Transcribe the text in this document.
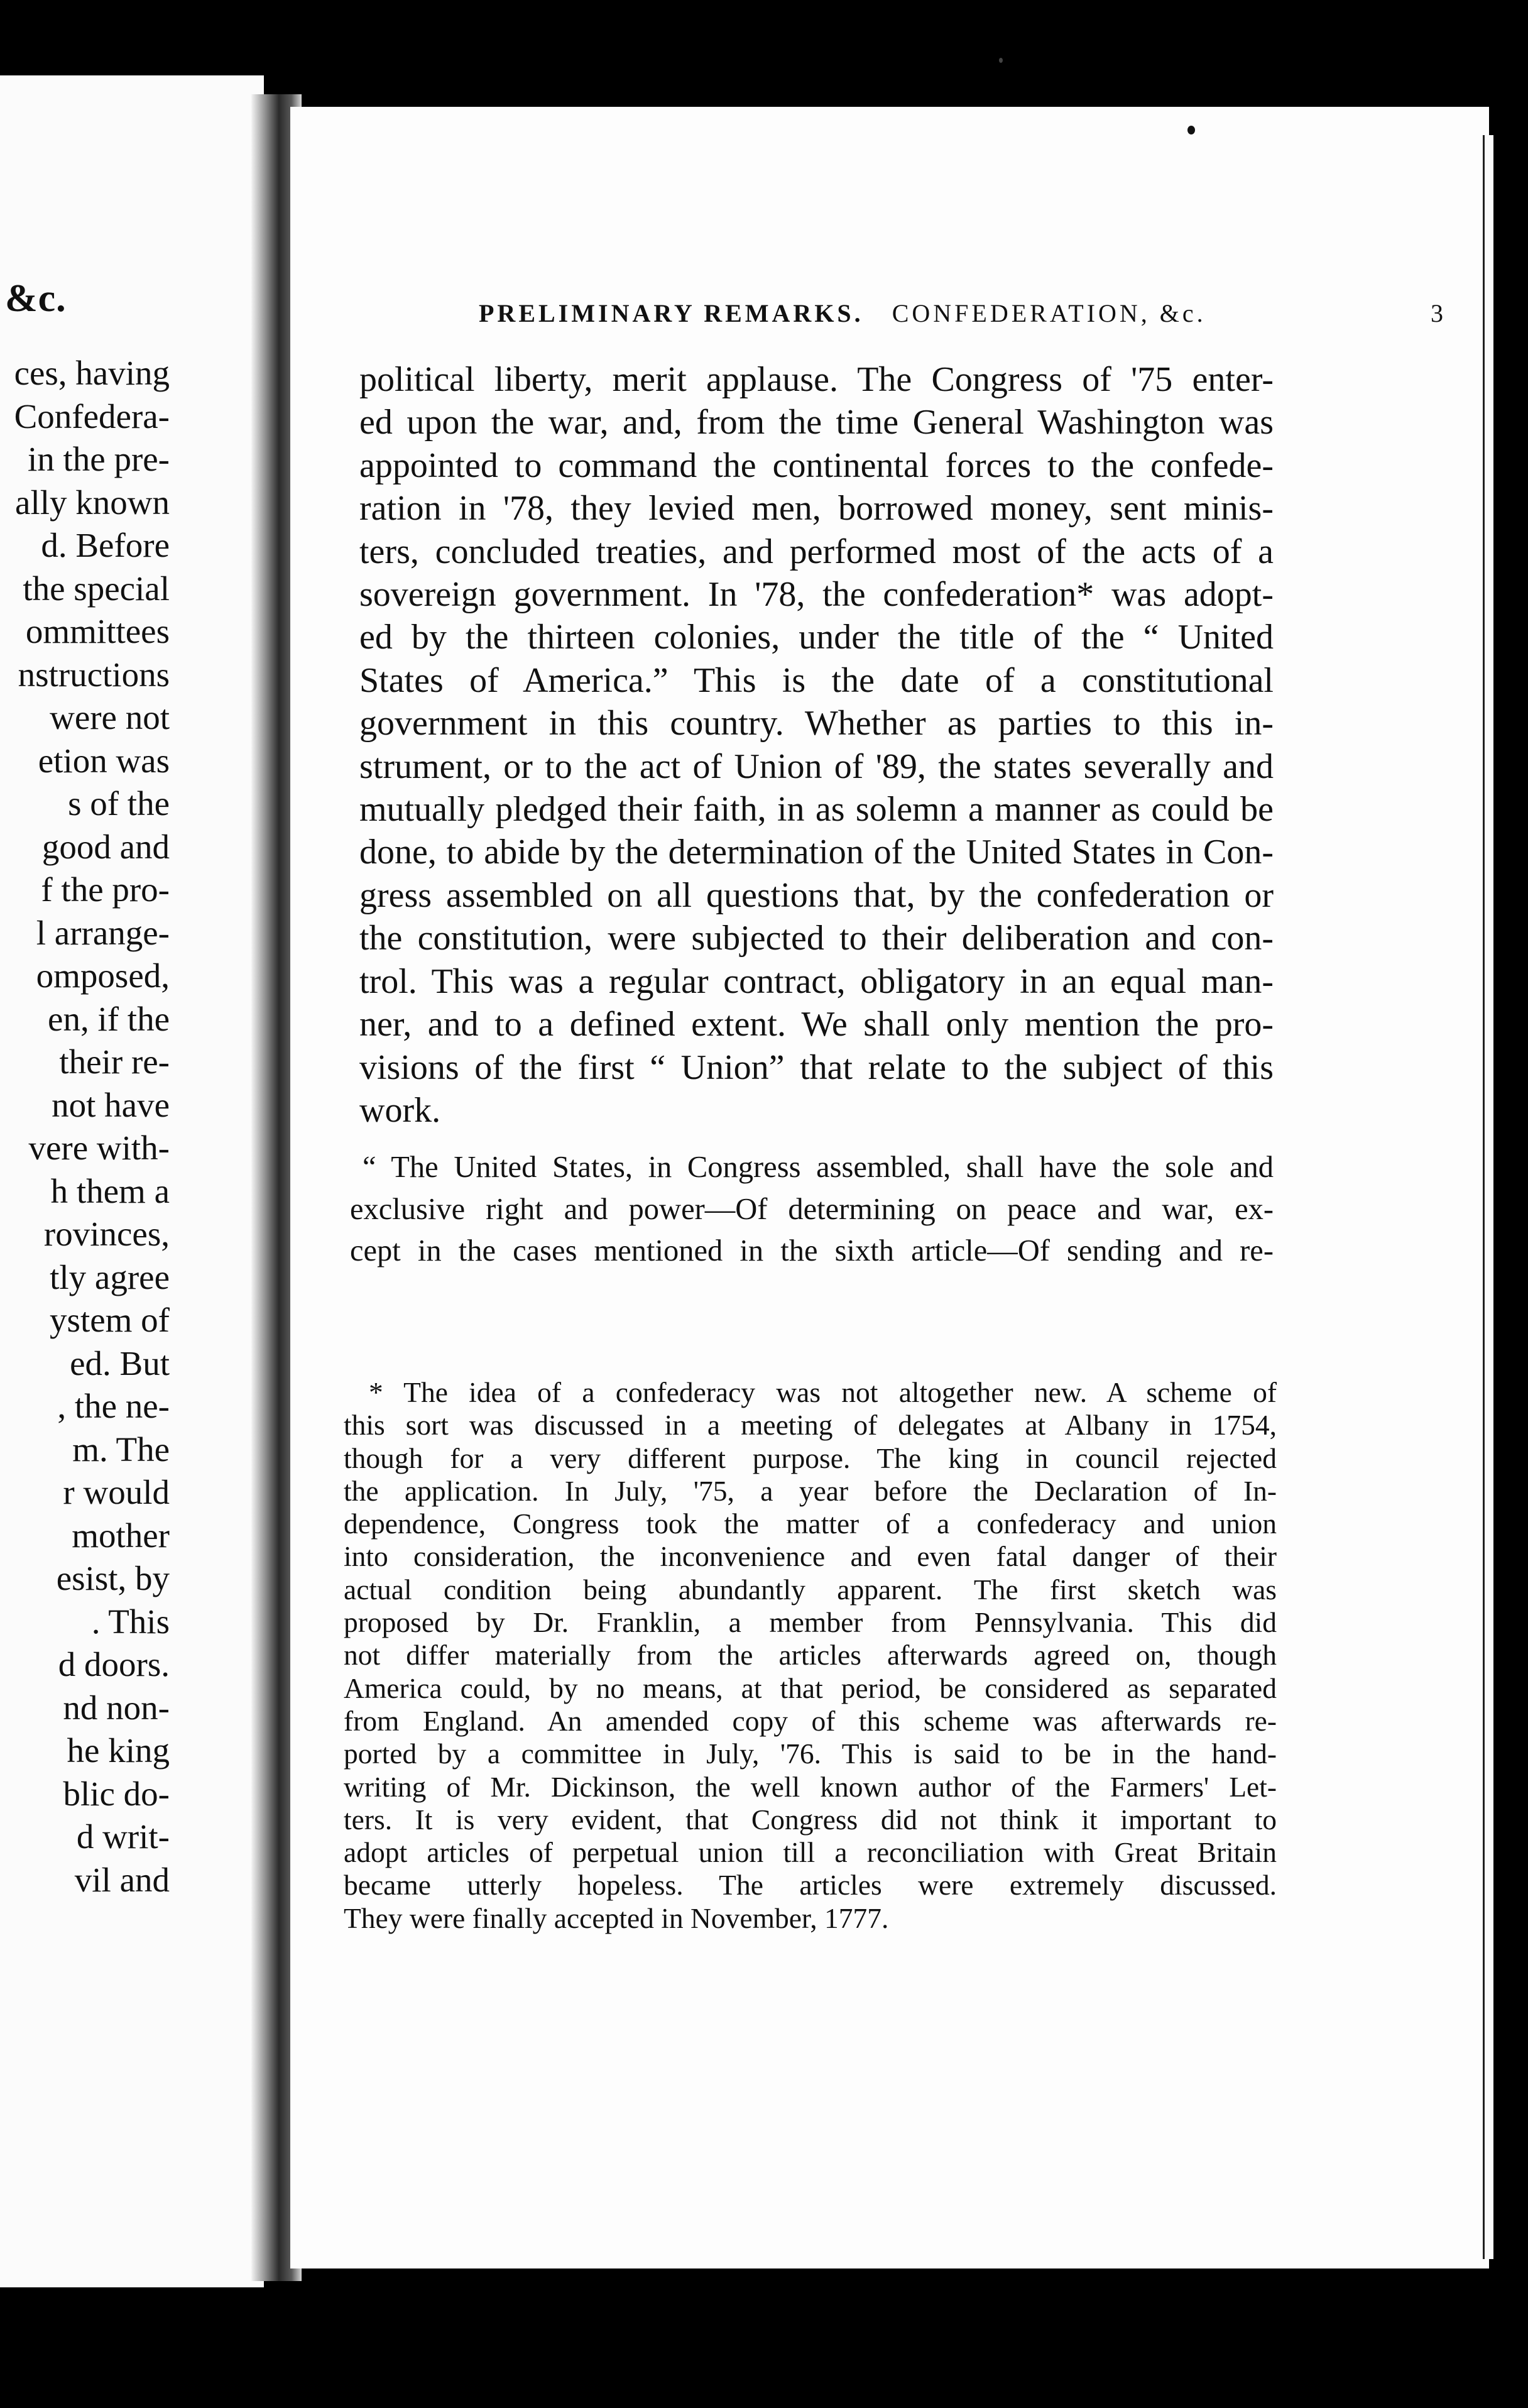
&c.
ces, having
Confedera-
in the pre-
ally known
d. Before
the special
ommittees
nstructions
were not
etion was
s of the
good and
f the pro-
l arrange-
omposed,
en, if the
their re-
not have
vere with-
h them a
rovinces,
tly agree
ystem of
ed. But
, the ne-
m. The
r would
mother
esist, by
. This
d doors.
nd non-
he king
blic do-
d writ-
vil and
PRELIMINARY REMARKS. CONFEDERATION, &c.	3
political liberty, merit applause. The Congress of '75 enter-
ed upon the war, and, from the time General Washington was
appointed to command the continental forces to the confede-
ration in '78, they levied men, borrowed money, sent minis-
ters, concluded treaties, and performed most of the acts of a
sovereign government. In '78, the confederation* was adopt-
ed by the thirteen colonies, under the title of the “ United
States of America.” This is the date of a constitutional
government in this country. Whether as parties to this in-
strument, or to the act of Union of '89, the states severally and
mutually pledged their faith, in as solemn a manner as could be
done, to abide by the determination of the United States in Con-
gress assembled on all questions that, by the confederation or
the constitution, were subjected to their deliberation and con-
trol. This was a regular contract, obligatory in an equal man-
ner, and to a defined extent. We shall only mention the pro-
visions of the first “ Union” that relate to the subject of this
work.
“ The United States, in Congress assembled, shall have the sole and
exclusive right and power—Of determining on peace and war, ex-
cept in the cases mentioned in the sixth article—Of sending and re-
* The idea of a confederacy was not altogether new. A scheme of
this sort was discussed in a meeting of delegates at Albany in 1754,
though for a very different purpose. The king in council rejected
the application. In July, '75, a year before the Declaration of In-
dependence, Congress took the matter of a confederacy and union
into consideration, the inconvenience and even fatal danger of their
actual condition being abundantly apparent. The first sketch was
proposed by Dr. Franklin, a member from Pennsylvania. This did
not differ materially from the articles afterwards agreed on, though
America could, by no means, at that period, be considered as separated
from England. An amended copy of this scheme was afterwards re-
ported by a committee in July, '76. This is said to be in the hand-
writing of Mr. Dickinson, the well known author of the Farmers' Let-
ters. It is very evident, that Congress did not think it important to
adopt articles of perpetual union till a reconciliation with Great Britain
became utterly hopeless. The articles were extremely discussed.
They were finally accepted in November, 1777.
